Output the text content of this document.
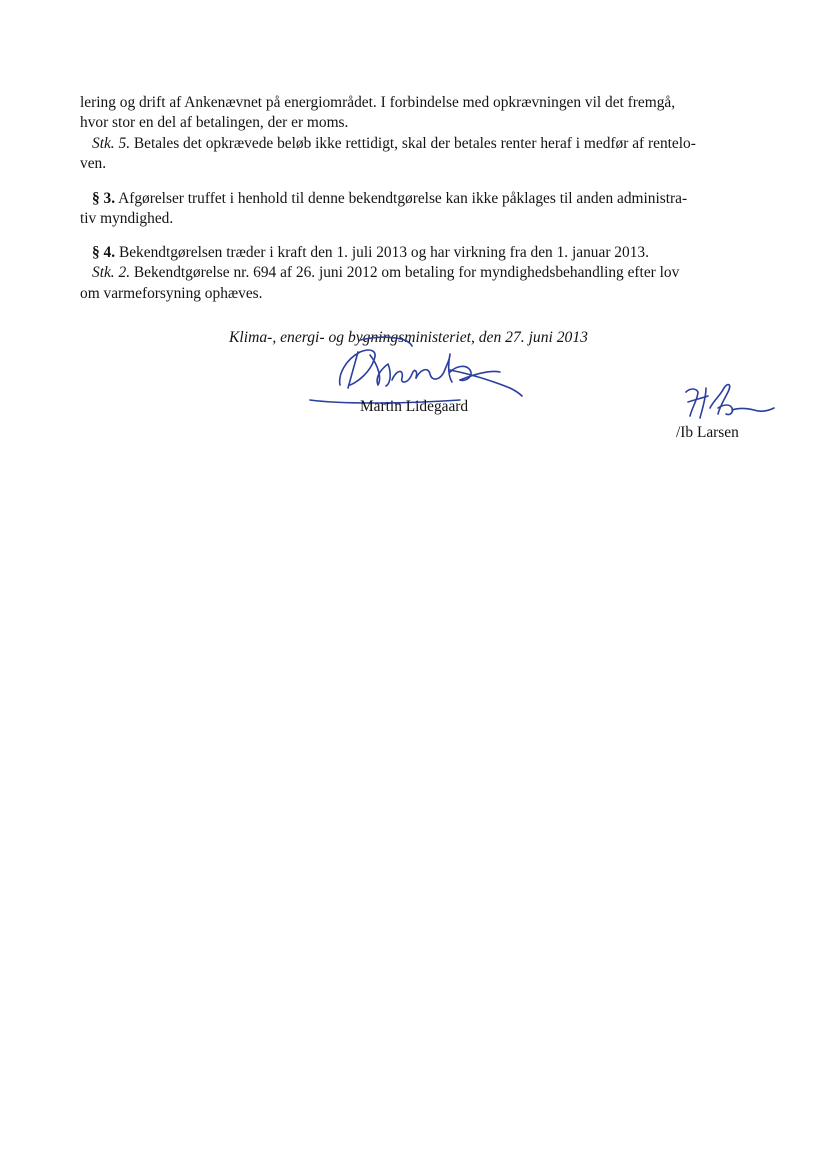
lering og drift af Ankenævnet på energiområdet. I forbindelse med opkrævningen vil det fremgå,
hvor stor en del af betalingen, der er moms.
Stk. 5. Betales det opkrævede beløb ikke rettidigt, skal der betales renter heraf i medfør af rentelo-
ven.
§ 3. Afgørelser truffet i henhold til denne bekendtgørelse kan ikke påklages til anden administra-
tiv myndighed.
§ 4. Bekendtgørelsen træder i kraft den 1. juli 2013 og har virkning fra den 1. januar 2013.
Stk. 2. Bekendtgørelse nr. 694 af 26. juni 2012 om betaling for myndighedsbehandling efter lov
om varmeforsyning ophæves.
Klima-, energi- og bygningsministeriet, den 27. juni 2013
Martin Lidegaard
/Ib Larsen
